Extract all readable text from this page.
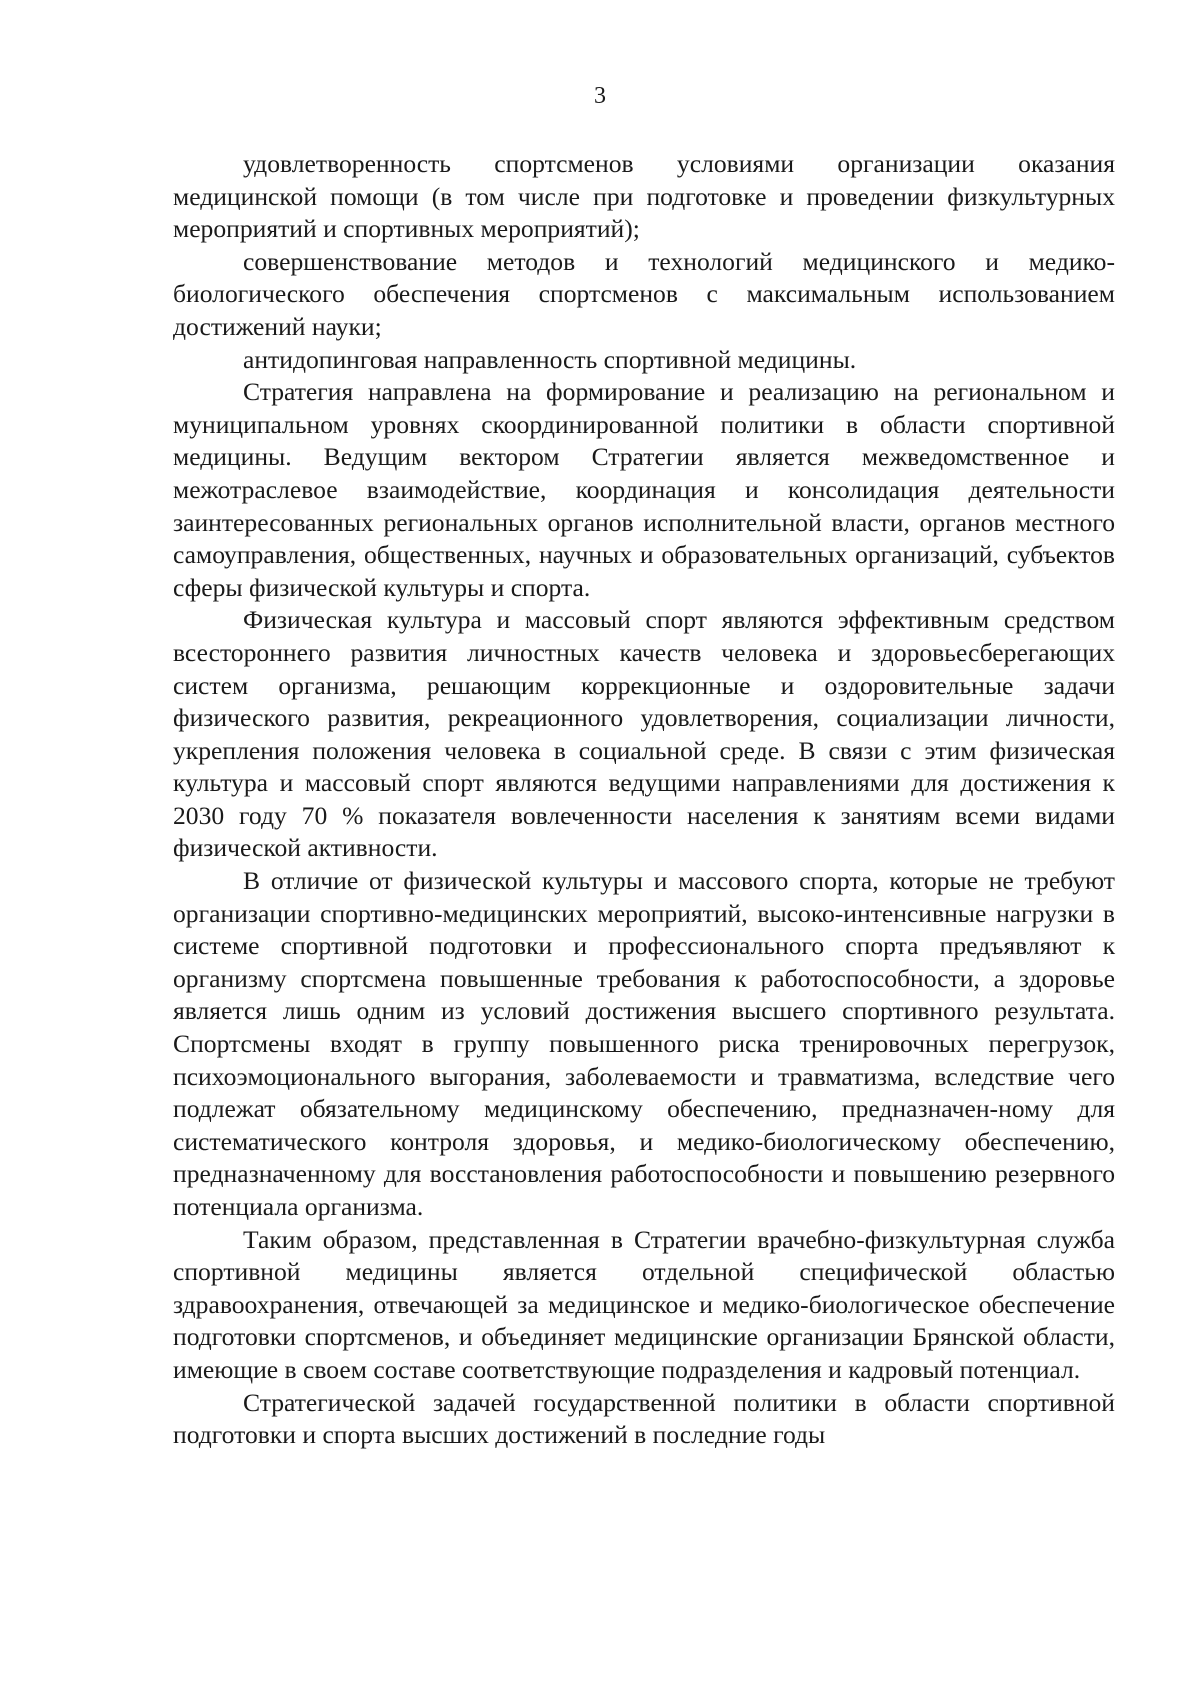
3

удовлетворенность спортсменов условиями организации оказания медицинской помощи (в том числе при подготовке и проведении физкультурных мероприятий и спортивных мероприятий);

совершенствование методов и технологий медицинского и медико-биологического обеспечения спортсменов с максимальным использованием достижений науки;

антидопинговая направленность спортивной медицины.

Стратегия направлена на формирование и реализацию на региональном и муниципальном уровнях скоординированной политики в области спортивной медицины. Ведущим вектором Стратегии является межведомственное и межотраслевое взаимодействие, координация и консолидация деятельности заинтересованных региональных органов исполнительной власти, органов местного самоуправления, общественных, научных и образовательных организаций, субъектов сферы физической культуры и спорта.

Физическая культура и массовый спорт являются эффективным средством всестороннего развития личностных качеств человека и здоровьесберегающих систем организма, решающим коррекционные и оздоровительные задачи физического развития, рекреационного удовлетворения, социализации личности, укрепления положения человека в социальной среде. В связи с этим физическая культура и массовый спорт являются ведущими направлениями для достижения к 2030 году 70 % показателя вовлеченности населения к занятиям всеми видами физической активности.

В отличие от физической культуры и массового спорта, которые не требуют организации спортивно-медицинских мероприятий, высоко-интенсивные нагрузки в системе спортивной подготовки и профессионального спорта предъявляют к организму спортсмена повышенные требования к работоспособности, а здоровье является лишь одним из условий достижения высшего спортивного результата. Спортсмены входят в группу повышенного риска тренировочных перегрузок, психоэмоционального выгорания, заболеваемости и травматизма, вследствие чего подлежат обязательному медицинскому обеспечению, предназначен-ному для систематического контроля здоровья, и медико-биологическому обеспечению, предназначенному для восстановления работоспособности и повышению резервного потенциала организма.

Таким образом, представленная в Стратегии врачебно-физкультурная служба спортивной медицины является отдельной специфической областью здравоохранения, отвечающей за медицинское и медико-биологическое обеспечение подготовки спортсменов, и объединяет медицинские организации Брянской области, имеющие в своем составе соответствующие подразделения и кадровый потенциал.

Стратегической задачей государственной политики в области спортивной подготовки и спорта высших достижений в последние годы
